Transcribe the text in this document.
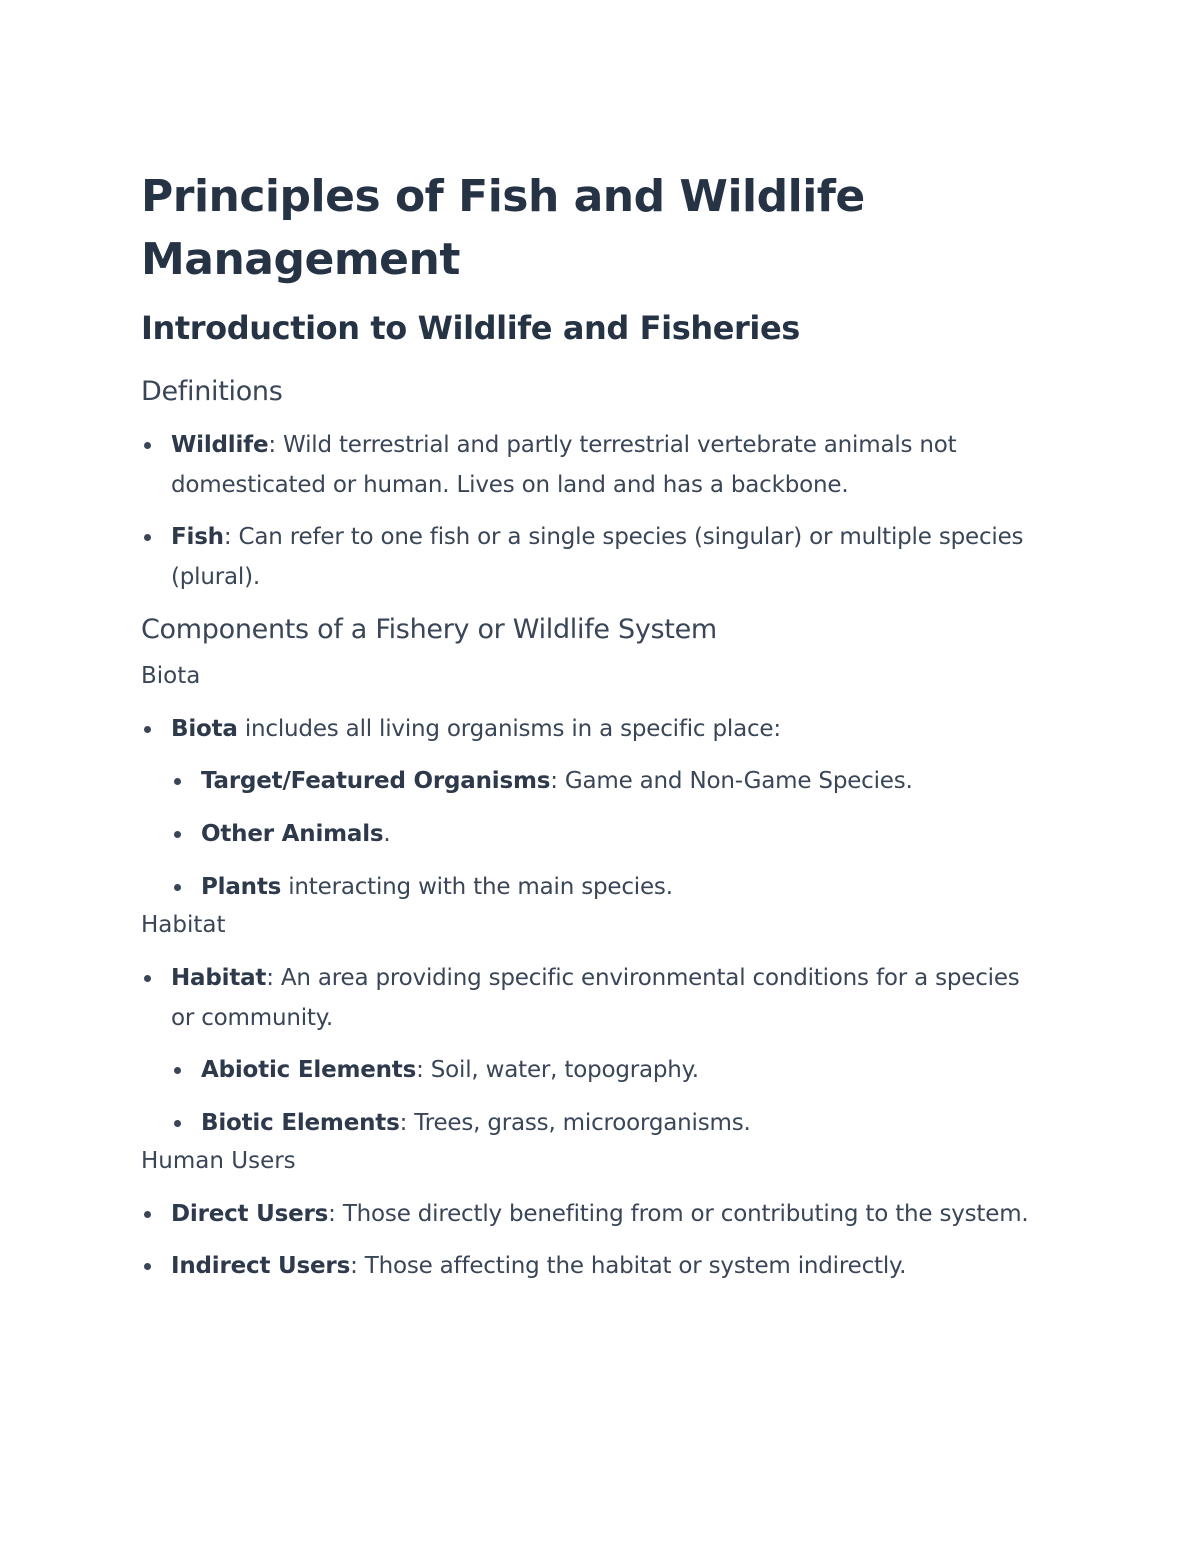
Principles of Fish and Wildlife Management
Introduction to Wildlife and Fisheries
Definitions
Wildlife: Wild terrestrial and partly terrestrial vertebrate animals not domesticated or human. Lives on land and has a backbone.
Fish: Can refer to one fish or a single species (singular) or multiple species (plural).
Components of a Fishery or Wildlife System
Biota
Biota includes all living organisms in a specific place:
Target/Featured Organisms: Game and Non-Game Species.
Other Animals.
Plants interacting with the main species.
Habitat
Habitat: An area providing specific environmental conditions for a species or community.
Abiotic Elements: Soil, water, topography.
Biotic Elements: Trees, grass, microorganisms.
Human Users
Direct Users: Those directly benefiting from or contributing to the system.
Indirect Users: Those affecting the habitat or system indirectly.
